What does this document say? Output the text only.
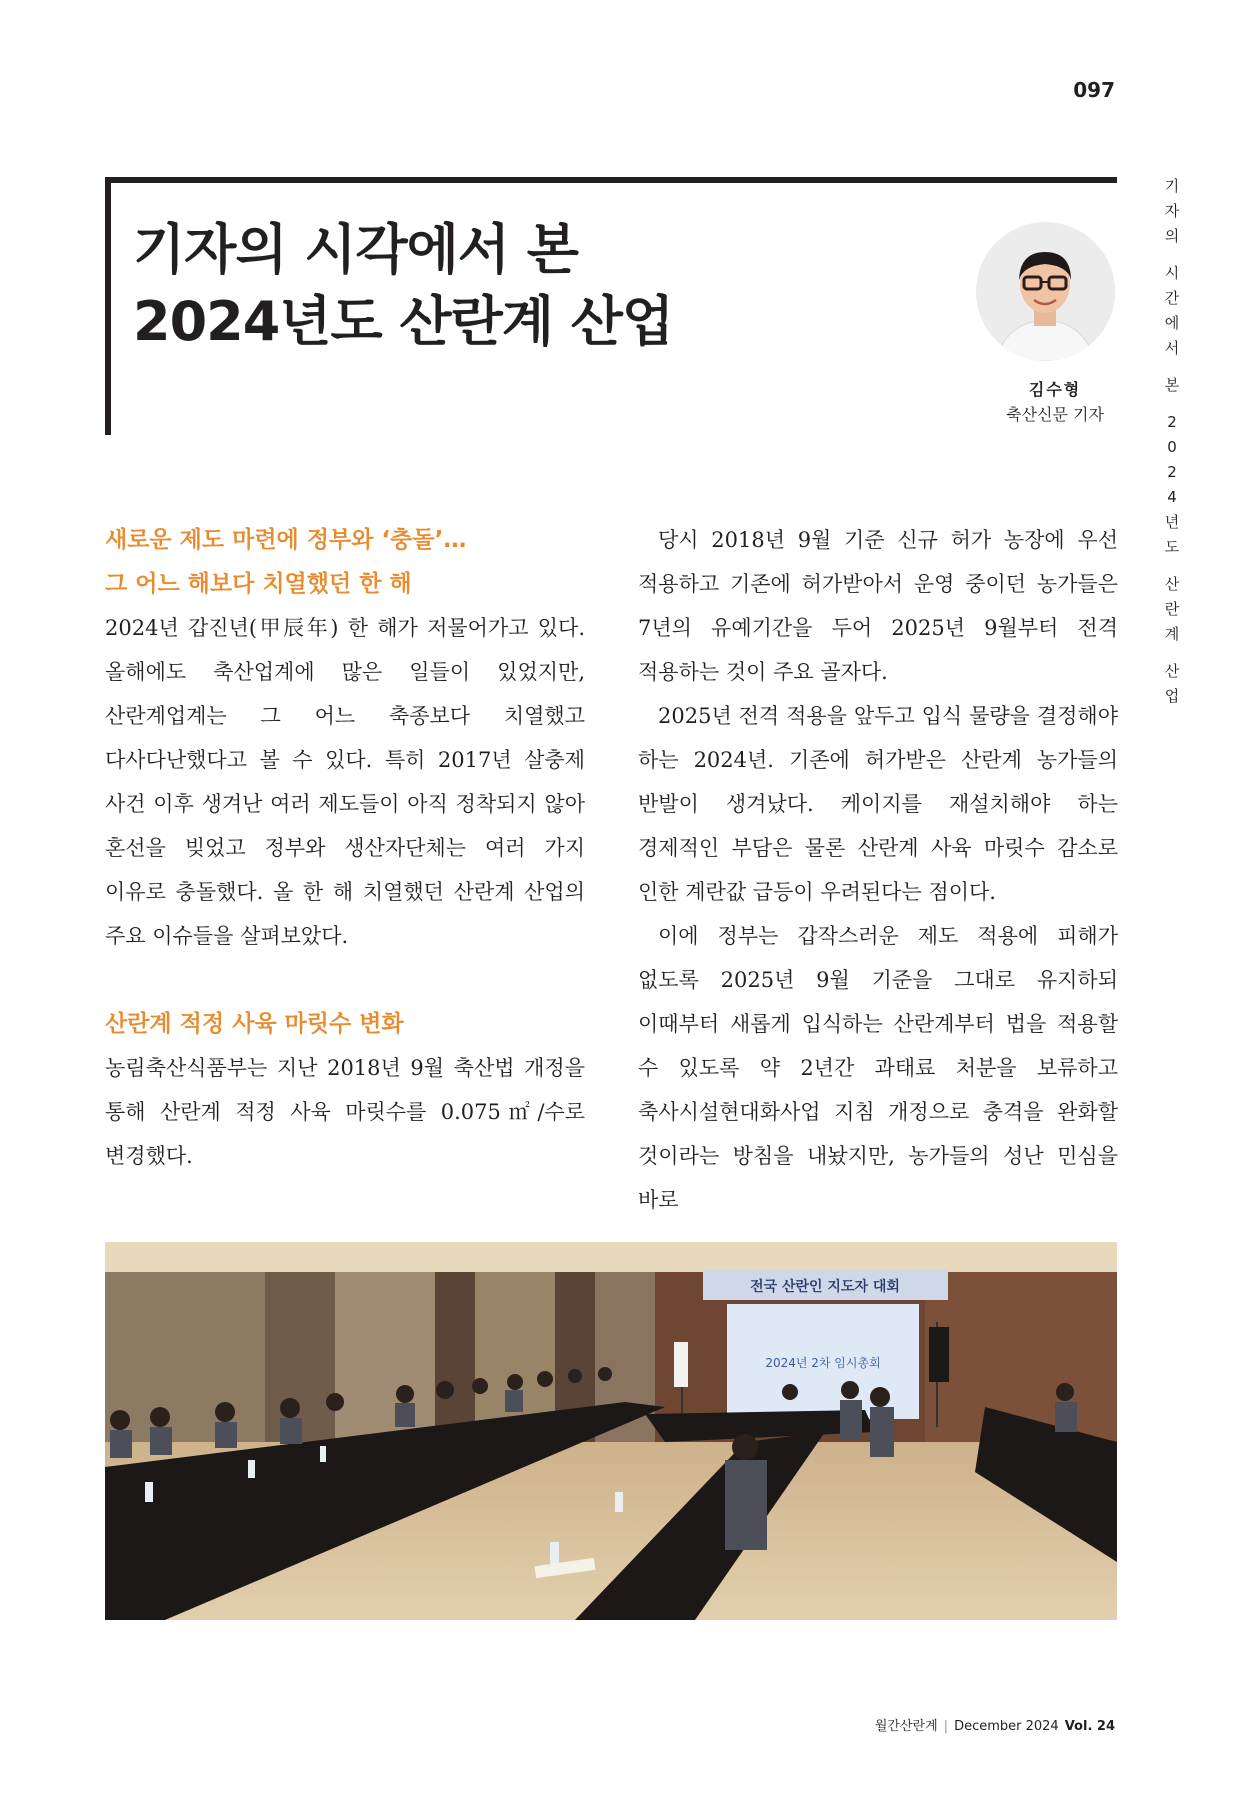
097
기자의 시각에서 본
2024년도 산란계 산업
기
자
의
시
간
에
서
본
2
0
2
4
년
도
산
란
계
산
업
김수형
축산신문 기자
새로운 제도 마련에 정부와 ‘충돌’…
그 어느 해보다 치열했던 한 해

2024년 갑진년(甲辰年) 한 해가 저물어가고 있다. 올해에도 축산업계에 많은 일들이 있었지만, 산란계업계는 그 어느 축종보다 치열했고 다사다난했다고 볼 수 있다. 특히 2017년 살충제 사건 이후 생겨난 여러 제도들이 아직 정착되지 않아 혼선을 빚었고 정부와 생산자단체는 여러 가지 이유로 충돌했다. 올 한 해 치열했던 산란계 산업의 주요 이슈들을 살펴보았다.

산란계 적정 사육 마릿수 변화

농림축산식품부는 지난 2018년 9월 축산법 개정을 통해 산란계 적정 사육 마릿수를 0.075㎡/수로 변경했다.

당시 2018년 9월 기준 신규 허가 농장에 우선 적용하고 기존에 허가받아서 운영 중이던 농가들은 7년의 유예기간을 두어 2025년 9월부터 전격 적용하는 것이 주요 골자다.

2025년 전격 적용을 앞두고 입식 물량을 결정해야 하는 2024년. 기존에 허가받은 산란계 농가들의 반발이 생겨났다. 케이지를 재설치해야 하는 경제적인 부담은 물론 산란계 사육 마릿수 감소로 인한 계란값 급등이 우려된다는 점이다.

이에 정부는 갑작스러운 제도 적용에 피해가 없도록 2025년 9월 기준을 그대로 유지하되 이때부터 새롭게 입식하는 산란계부터 법을 적용할 수 있도록 약 2년간 과태료 처분을 보류하고 축사시설현대화사업 지침 개정으로 충격을 완화할 것이라는 방침을 내놨지만, 농가들의 성난 민심을 바로

전국 산란인 지도자 대회
2024년 2차 임시총회
월간산란계 | December 2024 Vol. 24
